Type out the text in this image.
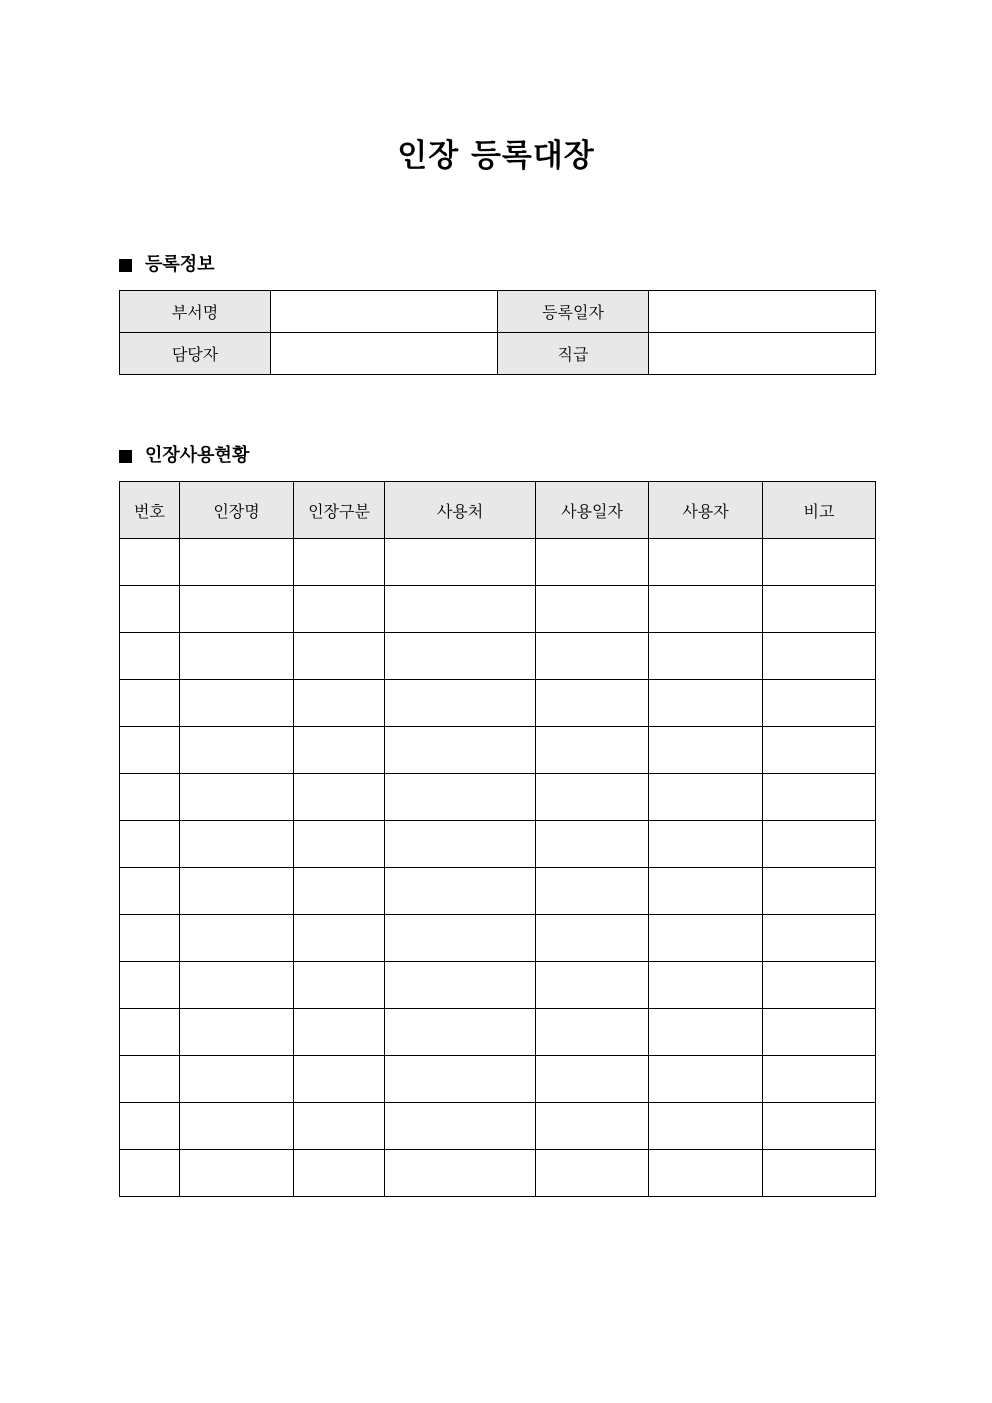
인장 등록대장
등록정보
부서명		등록일자	
담당자		직급	
인장사용현황
번호	인장명	인장구분	사용처	사용일자	사용자	비고
